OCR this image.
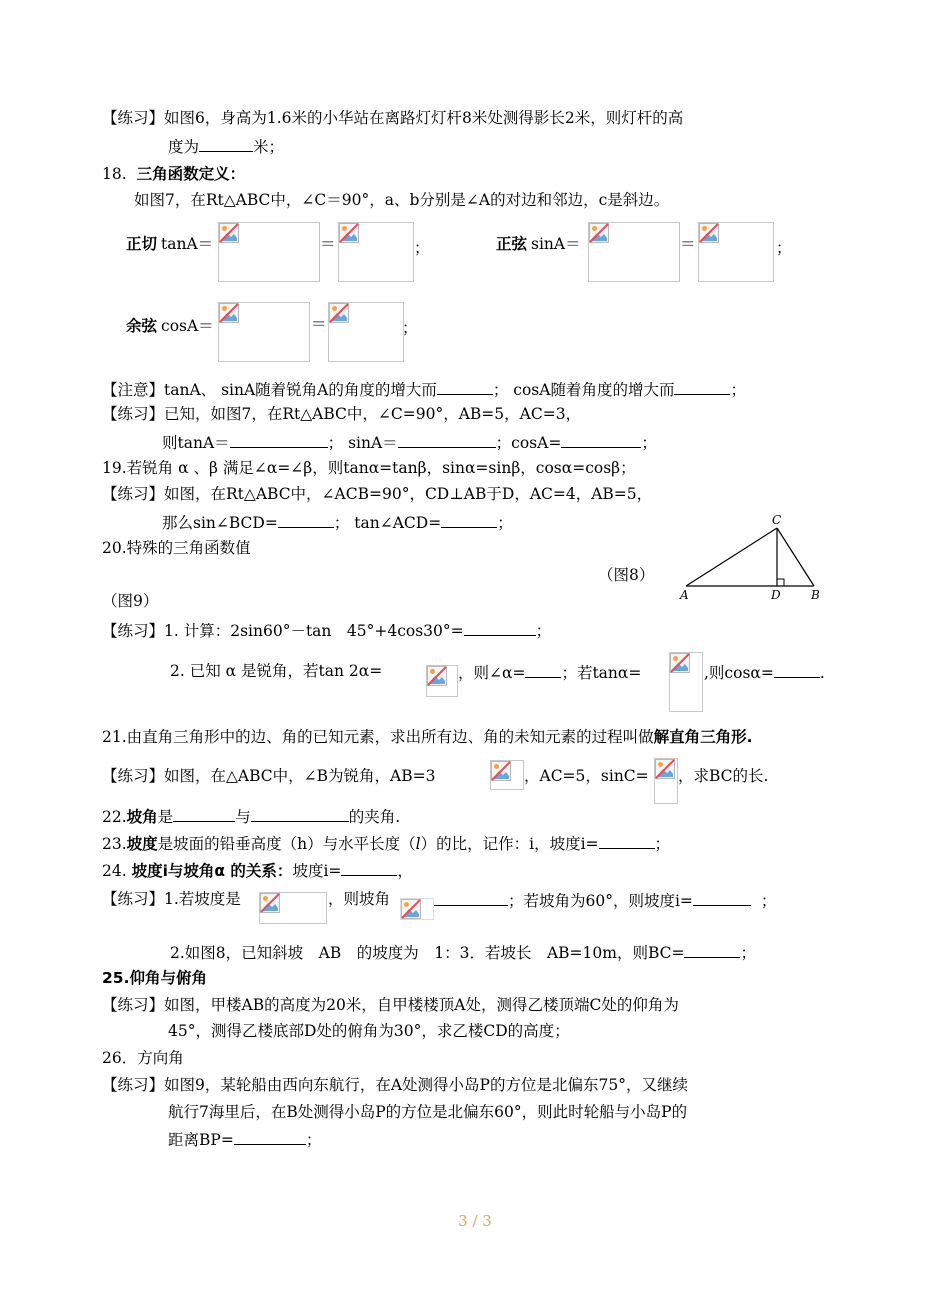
【练习】如图6，身高为1.6米的小华站在离路灯灯杆8米处测得影长2米，则灯杆的高
度为	米；
18. 三角函数定义：
如图7，在Rt△ABC中，∠C＝90°，a、b分别是∠A的对边和邻边，c是斜边。
正切 tanA＝	＝	；	正弦 sinA＝	＝	；
余弦 cosA＝	＝	；
【注意】tanA、 sinA随着锐角A的角度的增大而	； cosA随着角度的增大而	；
【练习】已知，如图7，在Rt△ABC中，∠C=90°，AB=5，AC=3，
则tanA＝	； sinA＝	；cosA=	；
19.若锐角 α 、β 满足∠α=∠β，则tanα=tanβ，sinα=sinβ，cosα=cosβ；
【练习】如图，在Rt△ABC中，∠ACB=90°，CD⊥AB于D，AC=4，AB=5，
那么sin∠BCD=	； tan∠ACD=	；	C
A	D	B
20.特殊的三角函数值
（图8）
（图9）
【练习】1. 计算：2sin60°－tan　45°+4cos30°=	；
2. 已知 α 是锐角，若tan 2α=	，则∠α= ；若tanα=	,则cosα=	.
21.由直角三角形中的边、角的已知元素，求出所有边、角的未知元素的过程叫做解直角三角形.
【练习】如图，在△ABC中，∠B为锐角，AB=3	，AC=5，sinC= ，求BC的长.
22.坡角是	与	的夹角.
23.坡度是坡面的铅垂高度（h）与水平长度（l）的比，记作：i，坡度i=	；
24. 坡度i与坡角α 的关系：坡度i=	，
【练习】1.若坡度是	，则坡角	；若坡角为60°，则坡度i=	；
2.如图8，已知斜坡　AB　的坡度为　1：3．若坡长　AB=10m，则BC=	；
25.仰角与俯角
【练习】如图，甲楼AB的高度为20米，自甲楼楼顶A处，测得乙楼顶端C处的仰角为
45°，测得乙楼底部D处的俯角为30°，求乙楼CD的高度；
26．方向角
【练习】如图9，某轮船由西向东航行，在A处测得小岛P的方位是北偏东75°，又继续
航行7海里后，在B处测得小岛P的方位是北偏东60°，则此时轮船与小岛P的
距离BP=	；
3 / 3
